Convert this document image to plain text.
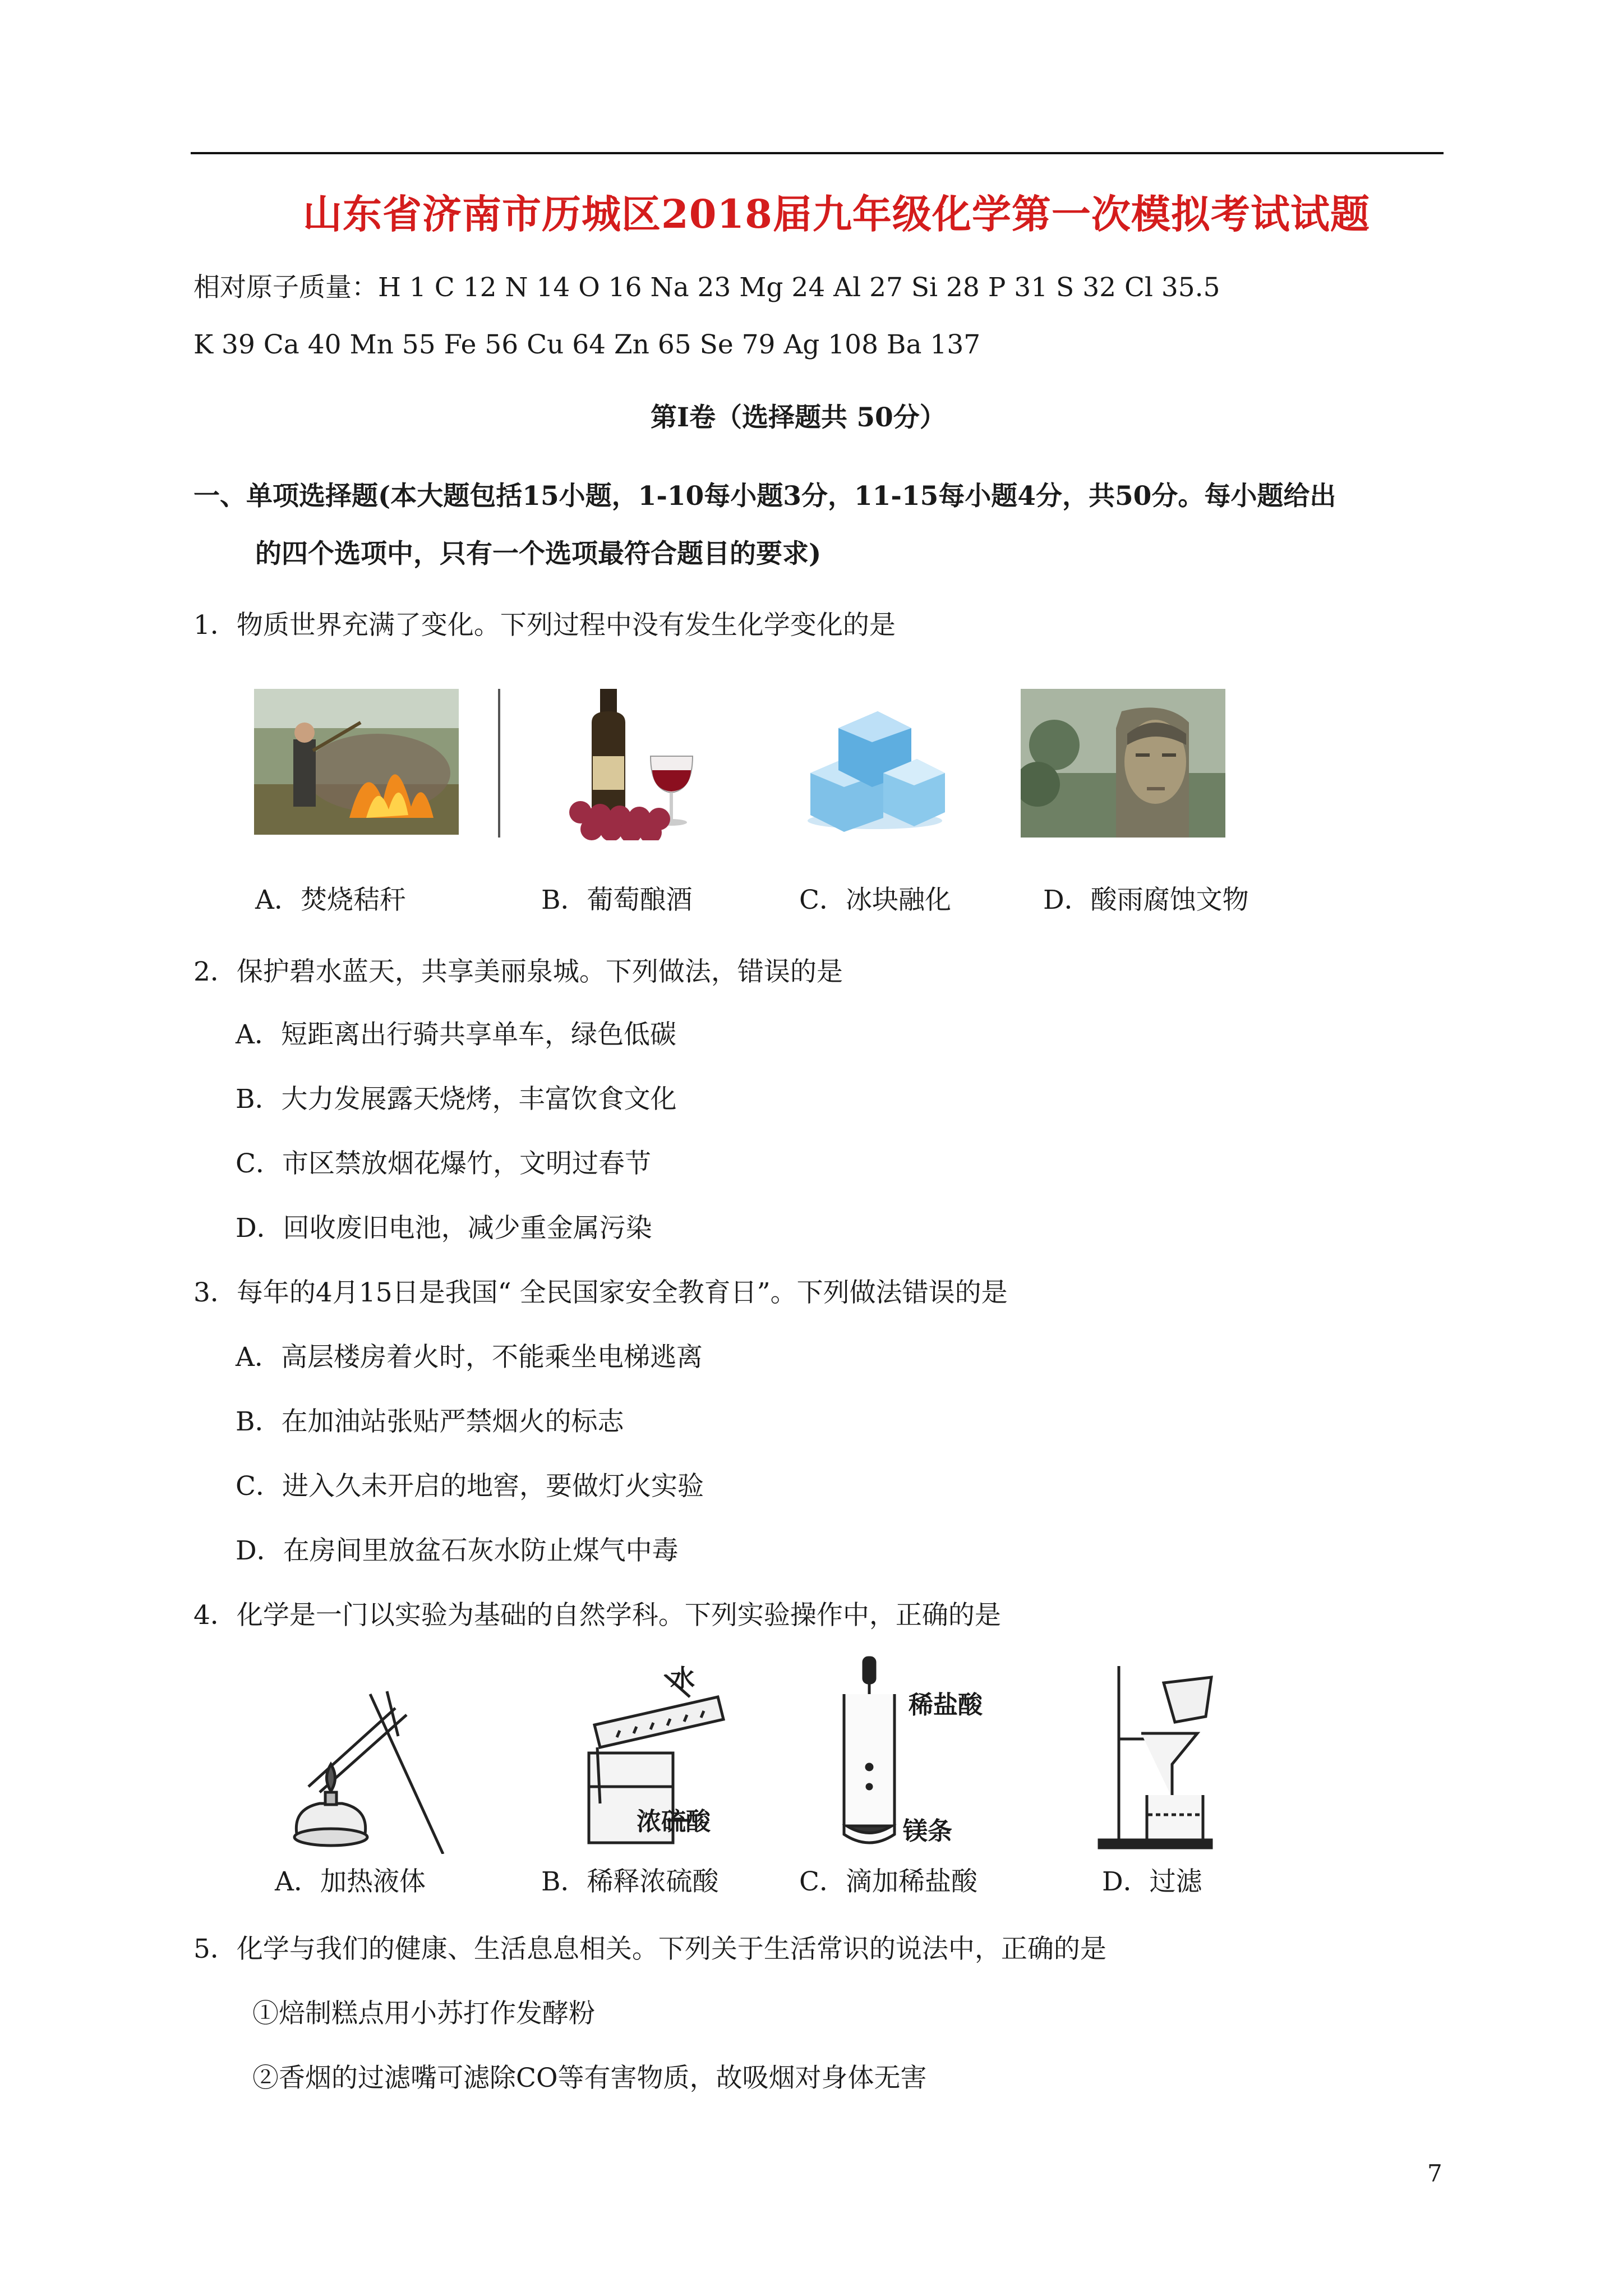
山东省济南市历城区2018届九年级化学第一次模拟考试试题
相对原子质量：H 1 C 12 N 14 O 16 Na 23 Mg 24 Al 27 Si 28 P 31 S 32 Cl 35.5
K 39 Ca 40 Mn 55 Fe 56 Cu 64 Zn 65 Se 79 Ag 108 Ba 137
第Ⅰ卷（选择题共 50分）
一、单项选择题(本大题包括15小题，1-10每小题3分，11-15每小题4分，共50分。每小题给出
的四个选项中，只有一个选项最符合题目的要求)
1．物质世界充满了变化。下列过程中没有发生化学变化的是
A．焚烧秸秆	B．葡萄酿酒	C．冰块融化	D．酸雨腐蚀文物
2．保护碧水蓝天，共享美丽泉城。下列做法，错误的是
A．短距离出行骑共享单车，绿色低碳
B．大力发展露天烧烤，丰富饮食文化
C．市区禁放烟花爆竹，文明过春节
D．回收废旧电池，减少重金属污染
3．每年的4月15日是我国“ 全民国家安全教育日”。下列做法错误的是
A．高层楼房着火时，不能乘坐电梯逃离
B．在加油站张贴严禁烟火的标志
C．进入久未开启的地窖，要做灯火实验
D．在房间里放盆石灰水防止煤气中毒
4．化学是一门以实验为基础的自然学科。下列实验操作中，正确的是
水
浓硫酸
稀盐酸
镁条
A．加热液体	B．稀释浓硫酸	C．滴加稀盐酸	D．过滤
5．化学与我们的健康、生活息息相关。下列关于生活常识的说法中，正确的是
①焙制糕点用小苏打作发酵粉
②香烟的过滤嘴可滤除CO等有害物质，故吸烟对身体无害
7
